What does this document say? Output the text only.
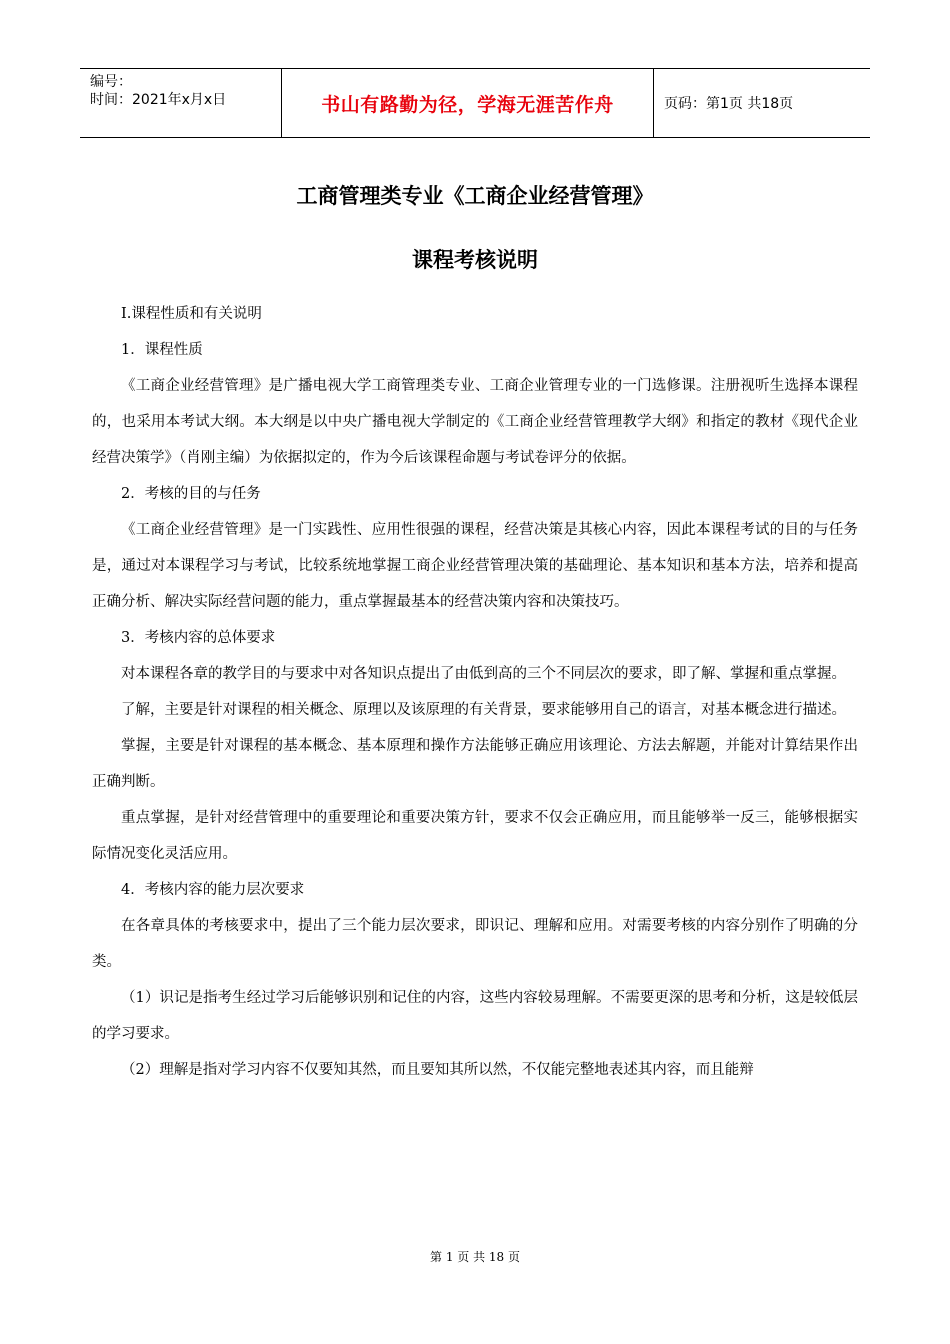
编号：
时间：2021年x月x日	书山有路勤为径，学海无涯苦作舟	页码：第1页 共18页
工商管理类专业《工商企业经营管理》
课程考核说明

Ⅰ.课程性质和有关说明

1．课程性质

《工商企业经营管理》是广播电视大学工商管理类专业、工商企业管理专业的一门选修课。注册视听生选择本课程的，也采用本考试大纲。本大纲是以中央广播电视大学制定的《工商企业经营管理教学大纲》和指定的教材《现代企业经营决策学》（肖刚主编）为依据拟定的，作为今后该课程命题与考试卷评分的依据。

2．考核的目的与任务

《工商企业经营管理》是一门实践性、应用性很强的课程，经营决策是其核心内容，因此本课程考试的目的与任务是，通过对本课程学习与考试，比较系统地掌握工商企业经营管理决策的基础理论、基本知识和基本方法，培养和提高正确分析、解决实际经营问题的能力，重点掌握最基本的经营决策内容和决策技巧。

3．考核内容的总体要求

对本课程各章的教学目的与要求中对各知识点提出了由低到高的三个不同层次的要求，即了解、掌握和重点掌握。

了解，主要是针对课程的相关概念、原理以及该原理的有关背景，要求能够用自己的语言，对基本概念进行描述。

掌握，主要是针对课程的基本概念、基本原理和操作方法能够正确应用该理论、方法去解题，并能对计算结果作出正确判断。

重点掌握，是针对经营管理中的重要理论和重要决策方针，要求不仅会正确应用，而且能够举一反三，能够根据实际情况变化灵活应用。

4．考核内容的能力层次要求

在各章具体的考核要求中，提出了三个能力层次要求，即识记、理解和应用。对需要考核的内容分别作了明确的分类。

（1）识记是指考生经过学习后能够识别和记住的内容，这些内容较易理解。不需要更深的思考和分析，这是较低层的学习要求。

（2）理解是指对学习内容不仅要知其然，而且要知其所以然，不仅能完整地表述其内容，而且能辩

第 1 页 共 18 页
